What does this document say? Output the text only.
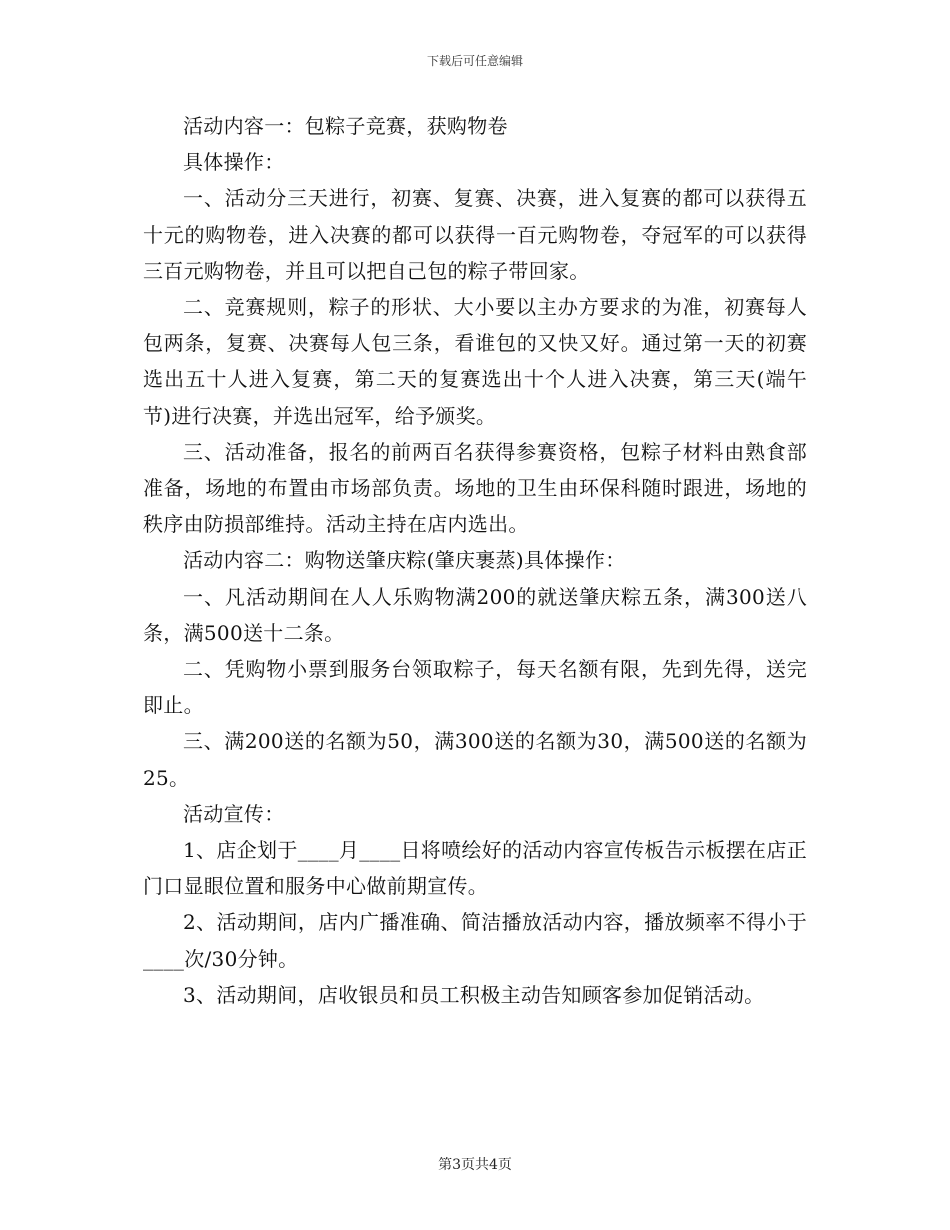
下载后可任意编辑

活动内容一：包粽子竞赛，获购物卷

具体操作：

一、活动分三天进行，初赛、复赛、决赛，进入复赛的都可以获得五十元的购物卷，进入决赛的都可以获得一百元购物卷，夺冠军的可以获得三百元购物卷，并且可以把自己包的粽子带回家。

二、竞赛规则，粽子的形状、大小要以主办方要求的为准，初赛每人包两条，复赛、决赛每人包三条，看谁包的又快又好。通过第一天的初赛选出五十人进入复赛，第二天的复赛选出十个人进入决赛，第三天(端午节)进行决赛，并选出冠军，给予颁奖。

三、活动准备，报名的前两百名获得参赛资格，包粽子材料由熟食部准备，场地的布置由市场部负责。场地的卫生由环保科随时跟进，场地的秩序由防损部维持。活动主持在店内选出。

活动内容二：购物送肇庆粽(肇庆裹蒸)具体操作：

一、凡活动期间在人人乐购物满200的就送肇庆粽五条，满300送八条，满500送十二条。

二、凭购物小票到服务台领取粽子，每天名额有限，先到先得，送完即止。

三、满200送的名额为50，满300送的名额为30，满500送的名额为25。

活动宣传：

1、店企划于____月____日将喷绘好的活动内容宣传板告示板摆在店正门口显眼位置和服务中心做前期宣传。

2、活动期间，店内广播准确、简洁播放活动内容，播放频率不得小于____次/30分钟。

3、活动期间，店收银员和员工积极主动告知顾客参加促销活动。

第3页共4页
